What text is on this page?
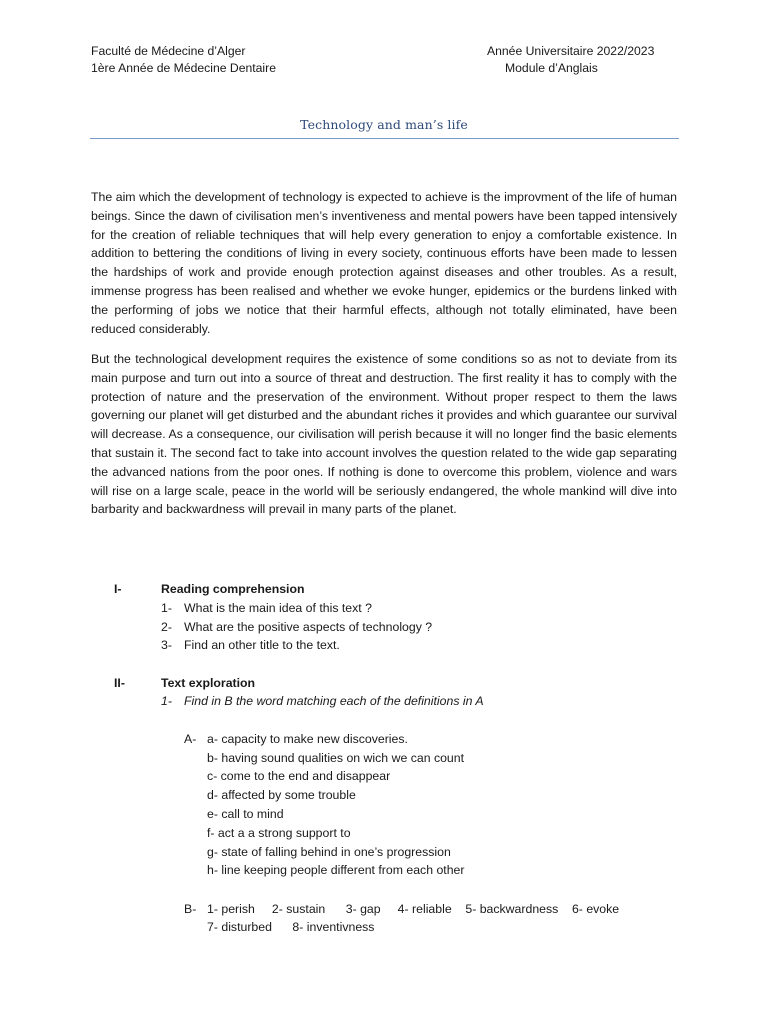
Faculté de Médecine d’Alger
1ère Année de Médecine Dentaire
Année Universitaire 2022/2023
Module d’Anglais
Technology and man’s life

The aim which the development of technology is expected to achieve is the improvment of the life of human beings. Since the dawn of civilisation men’s inventiveness and mental powers have been tapped intensively for the creation of reliable techniques that will help every generation to enjoy a comfortable existence. In addition to bettering the conditions of living in every society, continuous efforts have been made to lessen the hardships of work and provide enough protection against diseases and other troubles. As a result, immense progress has been realised and whether we evoke hunger, epidemics or the burdens linked with the performing of jobs we notice that their harmful effects, although not totally eliminated, have been reduced considerably.

But the technological development requires the existence of some conditions so as not to deviate from its main purpose and turn out into a source of threat and destruction. The first reality it has to comply with the protection of nature and the preservation of the environment. Without proper respect to them the laws governing our planet will get disturbed and the abundant riches it provides and which guarantee our survival will decrease. As a consequence, our civilisation will perish because it will no longer find the basic elements that sustain it. The second fact to take into account involves the question related to the wide gap separating the advanced nations from the poor ones. If nothing is done to overcome this problem, violence and wars will rise on a large scale, peace in the world will be seriously endangered, the whole mankind will dive into barbarity and backwardness will prevail in many parts of the planet.

I-	Reading comprehension
1- What is the main idea of this text ?
2- What are the positive aspects of technology ?
3- Find an other title to the text.
II-	Text exploration
1- Find in B the word matching each of the definitions in A
A- a- capacity to make new discoveries.
b- having sound qualities on wich we can count
c- come to the end and disappear
d- affected by some trouble
e- call to mind
f- act a a strong support to
g- state of falling behind in one’s progression
h- line keeping people different from each other
B- 1- perish     2- sustain      3- gap     4- reliable    5- backwardness    6- evoke
7- disturbed      8- inventivness
